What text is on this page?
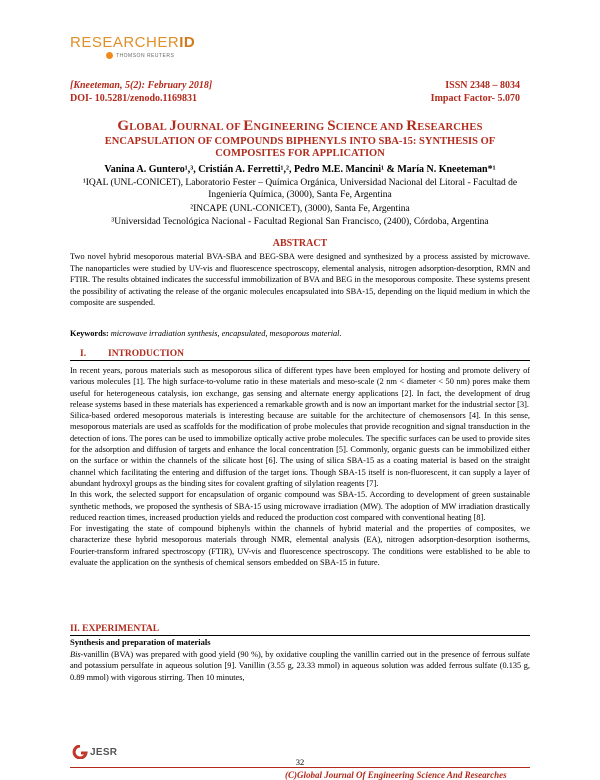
RESEARCHERID
THOMSON REUTERS
[Kneeteman, 5(2): February 2018]	ISSN 2348 – 8034
DOI- 10.5281/zenodo.1169831	Impact Factor- 5.070
GLOBAL JOURNAL OF ENGINEERING SCIENCE AND RESEARCHES
ENCAPSULATION OF COMPOUNDS BIPHENYLS INTO SBA-15: SYNTHESIS OF COMPOSITES FOR APPLICATION
Vanina A. Guntero¹,³, Cristián A. Ferretti¹,², Pedro M.E. Mancini¹ & María N. Kneeteman*¹
¹IQAL (UNL-CONICET), Laboratorio Fester – Química Orgánica, Universidad Nacional del Litoral - Facultad de Ingeniería Química, (3000), Santa Fe, Argentina
²INCAPE (UNL-CONICET), (3000), Santa Fe, Argentina
³Universidad Tecnológica Nacional - Facultad Regional San Francisco, (2400), Córdoba, Argentina
ABSTRACT
Two novel hybrid mesoporous material BVA-SBA and BEG-SBA were designed and synthesized by a process assisted by microwave. The nanoparticles were studied by UV-vis and fluorescence spectroscopy, elemental analysis, nitrogen adsorption-desorption, RMN and FTIR. The results obtained indicates the successful immobilization of BVA and BEG in the mesoporous composite. These systems present the possibility of activating the release of the organic molecules encapsulated into SBA-15, depending on the liquid medium in which the composite are suspended.
Keywords: microwave irradiation synthesis, encapsulated, mesoporous material.
I. INTRODUCTION

In recent years, porous materials such as mesoporous silica of different types have been employed for hosting and promote delivery of various molecules [1]. The high surface-to-volume ratio in these materials and meso-scale (2 nm < diameter < 50 nm) pores make them useful for heterogeneous catalysis, ion exchange, gas sensing and alternate energy applications [2]. In fact, the development of drug release systems based in these materials has experienced a remarkable growth and is now an important market for the industrial sector [3].

Silica-based ordered mesoporous materials is interesting because are suitable for the architecture of chemosensors [4]. In this sense, mesoporous materials are used as scaffolds for the modification of probe molecules that provide recognition and signal transduction in the detection of ions. The pores can be used to immobilize optically active probe molecules. The specific surfaces can be used to provide sites for the adsorption and diffusion of targets and enhance the local concentration [5]. Commonly, organic guests can be immobilized either on the surface or within the channels of the silicate host [6]. The using of silica SBA-15 as a coating material is based on the straight channel which facilitating the entering and diffusion of the target ions. Though SBA-15 itself is non-fluorescent, it can supply a layer of abundant hydroxyl groups as the binding sites for covalent grafting of silylation reagents [7].

In this work, the selected support for encapsulation of organic compound was SBA-15. According to development of green sustainable synthetic methods, we proposed the synthesis of SBA-15 using microwave irradiation (MW). The adoption of MW irradiation drastically reduced reaction times, increased production yields and reduced the production cost compared with conventional heating [8].

For investigating the state of compound biphenyls within the channels of hybrid material and the properties of composites, we characterize these hybrid mesoporous materials through NMR, elemental analysis (EA), nitrogen adsorption-desorption isotherms, Fourier-transform infrared spectroscopy (FTIR), UV-vis and fluorescence spectroscopy. The conditions were established to be able to evaluate the application on the synthesis of chemical sensors embedded on SBA-15 in future.

II. EXPERIMENTAL
Synthesis and preparation of materials
Bis-vanillin (BVA) was prepared with good yield (90 %), by oxidative coupling the vanillin carried out in the presence of ferrous sulfate and potassium persulfate in aqueous solution [9]. Vanillin (3.55 g, 23.33 mmol) in aqueous solution was added ferrous sulfate (0.135 g, 0.89 mmol) with vigorous stirring. Then 10 minutes,
32
JESR
(C)Global Journal Of Engineering Science And Researches
